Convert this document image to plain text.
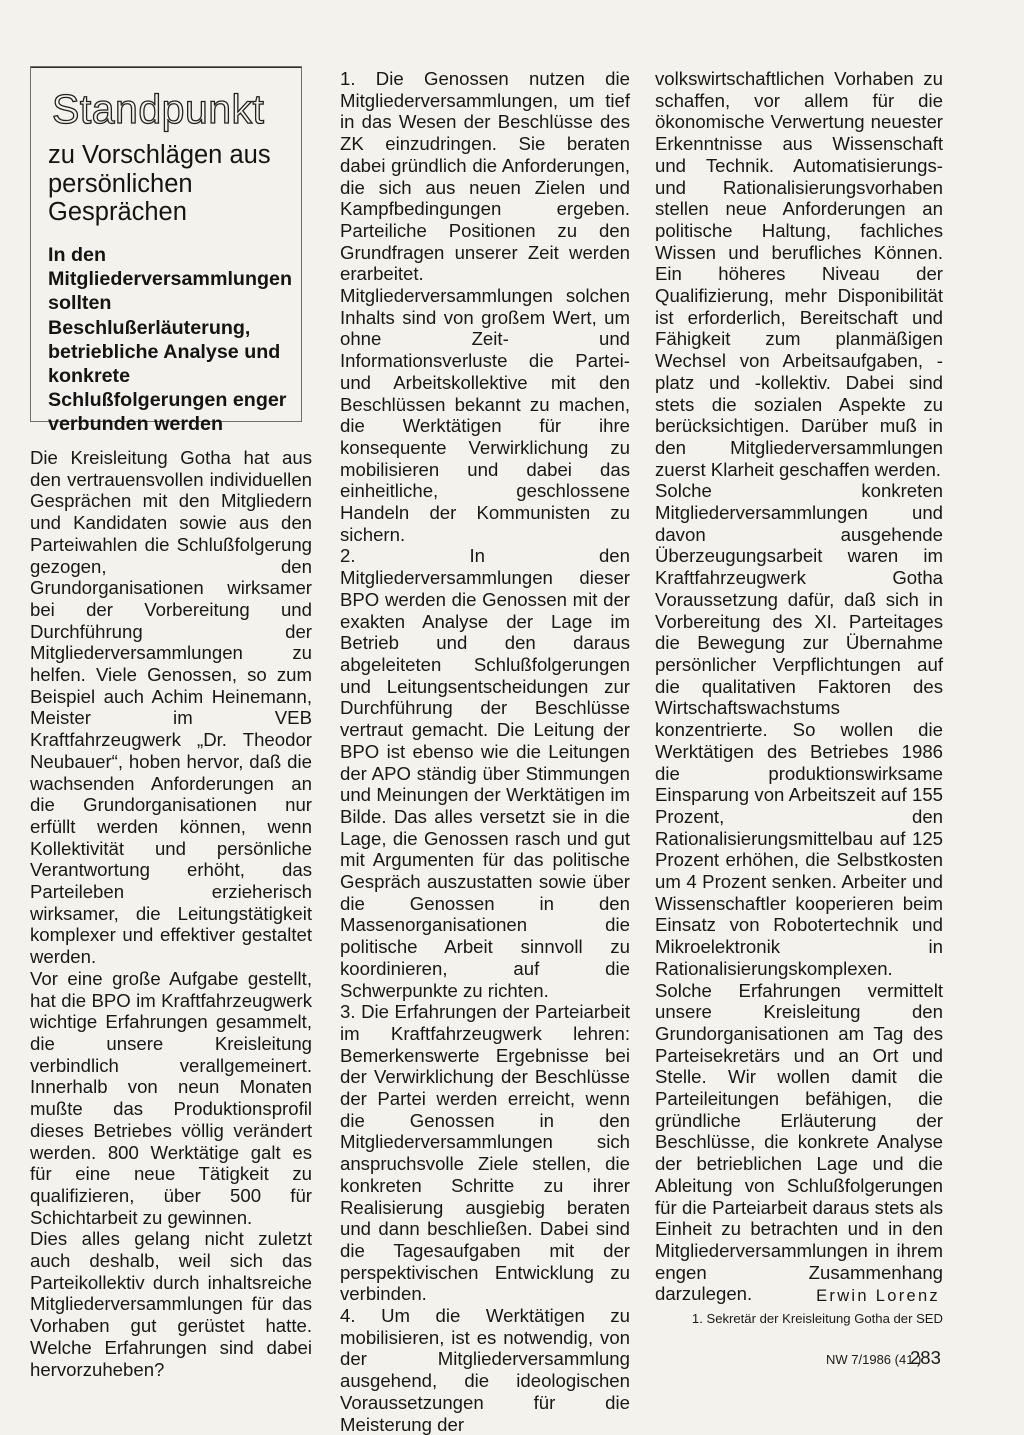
Standpunkt
zu Vorschlägen aus persönlichen Gesprächen
In den Mitgliederversammlungen sollten Beschlußerläuterung, betriebliche Analyse und konkrete Schlußfolgerungen enger verbunden werden

Die Kreisleitung Gotha hat aus den vertrauensvollen individuellen Gesprächen mit den Mitgliedern und Kandidaten sowie aus den Parteiwahlen die Schlußfolgerung gezogen, den Grundorganisationen wirksamer bei der Vorbereitung und Durchführung der Mitgliederversammlungen zu helfen. Viele Genossen, so zum Beispiel auch Achim Heinemann, Meister im VEB Kraftfahrzeugwerk „Dr. Theodor Neubauer“, hoben hervor, daß die wachsenden Anforderungen an die Grundorganisationen nur erfüllt werden können, wenn Kollektivität und persönliche Verantwortung erhöht, das Parteileben erzieherisch wirksamer, die Leitungstätigkeit komplexer und effektiver gestaltet werden.

Vor eine große Aufgabe gestellt, hat die BPO im Kraftfahrzeugwerk wichtige Erfahrungen gesammelt, die unsere Kreisleitung verbindlich verallgemeinert. Innerhalb von neun Monaten mußte das Produktionsprofil dieses Betriebes völlig verändert werden. 800 Werktätige galt es für eine neue Tätigkeit zu qualifizieren, über 500 für Schichtarbeit zu gewinnen.

Dies alles gelang nicht zuletzt auch deshalb, weil sich das Parteikollektiv durch inhaltsreiche Mitgliederversammlungen für das Vorhaben gut gerüstet hatte. Welche Erfahrungen sind dabei hervorzuheben?

1. Die Genossen nutzen die Mitgliederversammlungen, um tief in das Wesen der Beschlüsse des ZK einzudringen. Sie beraten dabei gründlich die Anforderungen, die sich aus neuen Zielen und Kampfbedingungen ergeben. Parteiliche Positionen zu den Grundfragen unserer Zeit werden erarbeitet. Mitgliederversammlungen solchen Inhalts sind von großem Wert, um ohne Zeit- und Informationsverluste die Partei- und Arbeitskollektive mit den Beschlüssen bekannt zu machen, die Werktätigen für ihre konsequente Verwirklichung zu mobilisieren und dabei das einheitliche, geschlossene Handeln der Kommunisten zu sichern.

2. In den Mitgliederversammlungen dieser BPO werden die Genossen mit der exakten Analyse der Lage im Betrieb und den daraus abgeleiteten Schlußfolgerungen und Leitungsentscheidungen zur Durchführung der Beschlüsse vertraut gemacht. Die Leitung der BPO ist ebenso wie die Leitungen der APO ständig über Stimmungen und Meinungen der Werktätigen im Bilde. Das alles versetzt sie in die Lage, die Genossen rasch und gut mit Argumenten für das politische Gespräch auszustatten sowie über die Genossen in den Massenorganisationen die politische Arbeit sinnvoll zu koordinieren, auf die Schwerpunkte zu richten.

3. Die Erfahrungen der Parteiarbeit im Kraftfahrzeugwerk lehren: Bemerkenswerte Ergebnisse bei der Verwirklichung der Beschlüsse der Partei werden erreicht, wenn die Genossen in den Mitgliederversammlungen sich anspruchsvolle Ziele stellen, die konkreten Schritte zu ihrer Realisierung ausgiebig beraten und dann beschließen. Dabei sind die Tagesaufgaben mit der perspektivischen Entwicklung zu verbinden.

4. Um die Werktätigen zu mobilisieren, ist es notwendig, von der Mitgliederversammlung ausgehend, die ideologischen Voraussetzungen für die Meisterung der

volkswirtschaftlichen Vorhaben zu schaffen, vor allem für die ökonomische Verwertung neuester Erkenntnisse aus Wissenschaft und Technik. Automatisierungs- und Rationalisierungsvorhaben stellen neue Anforderungen an politische Haltung, fachliches Wissen und berufliches Können. Ein höheres Niveau der Qualifizierung, mehr Disponibilität ist erforderlich, Bereitschaft und Fähigkeit zum planmäßigen Wechsel von Arbeitsaufgaben, -platz und -kollektiv. Dabei sind stets die sozialen Aspekte zu berücksichtigen. Darüber muß in den Mitgliederversammlungen zuerst Klarheit geschaffen werden.

Solche konkreten Mitgliederversammlungen und davon ausgehende Überzeugungsarbeit waren im Kraftfahrzeugwerk Gotha Voraussetzung dafür, daß sich in Vorbereitung des XI. Parteitages die Bewegung zur Übernahme persönlicher Verpflichtungen auf die qualitativen Faktoren des Wirtschaftswachstums konzentrierte. So wollen die Werktätigen des Betriebes 1986 die produktionswirksame Einsparung von Arbeitszeit auf 155 Prozent, den Rationalisierungsmittelbau auf 125 Prozent erhöhen, die Selbstkosten um 4 Prozent senken. Arbeiter und Wissenschaftler kooperieren beim Einsatz von Robotertechnik und Mikroelektronik in Rationalisierungskomplexen.

Solche Erfahrungen vermittelt unsere Kreisleitung den Grundorganisationen am Tag des Parteisekretärs und an Ort und Stelle. Wir wollen damit die Parteileitungen befähigen, die gründliche Erläuterung der Beschlüsse, die konkrete Analyse der betrieblichen Lage und die Ableitung von Schlußfolgerungen für die Parteiarbeit daraus stets als Einheit zu betrachten und in den Mitgliederversammlungen in ihrem engen Zusammenhang darzulegen.	Erwin Lorenz
1. Sekretär der Kreisleitung Gotha der SED
NW 7/1986 (41.)
283
